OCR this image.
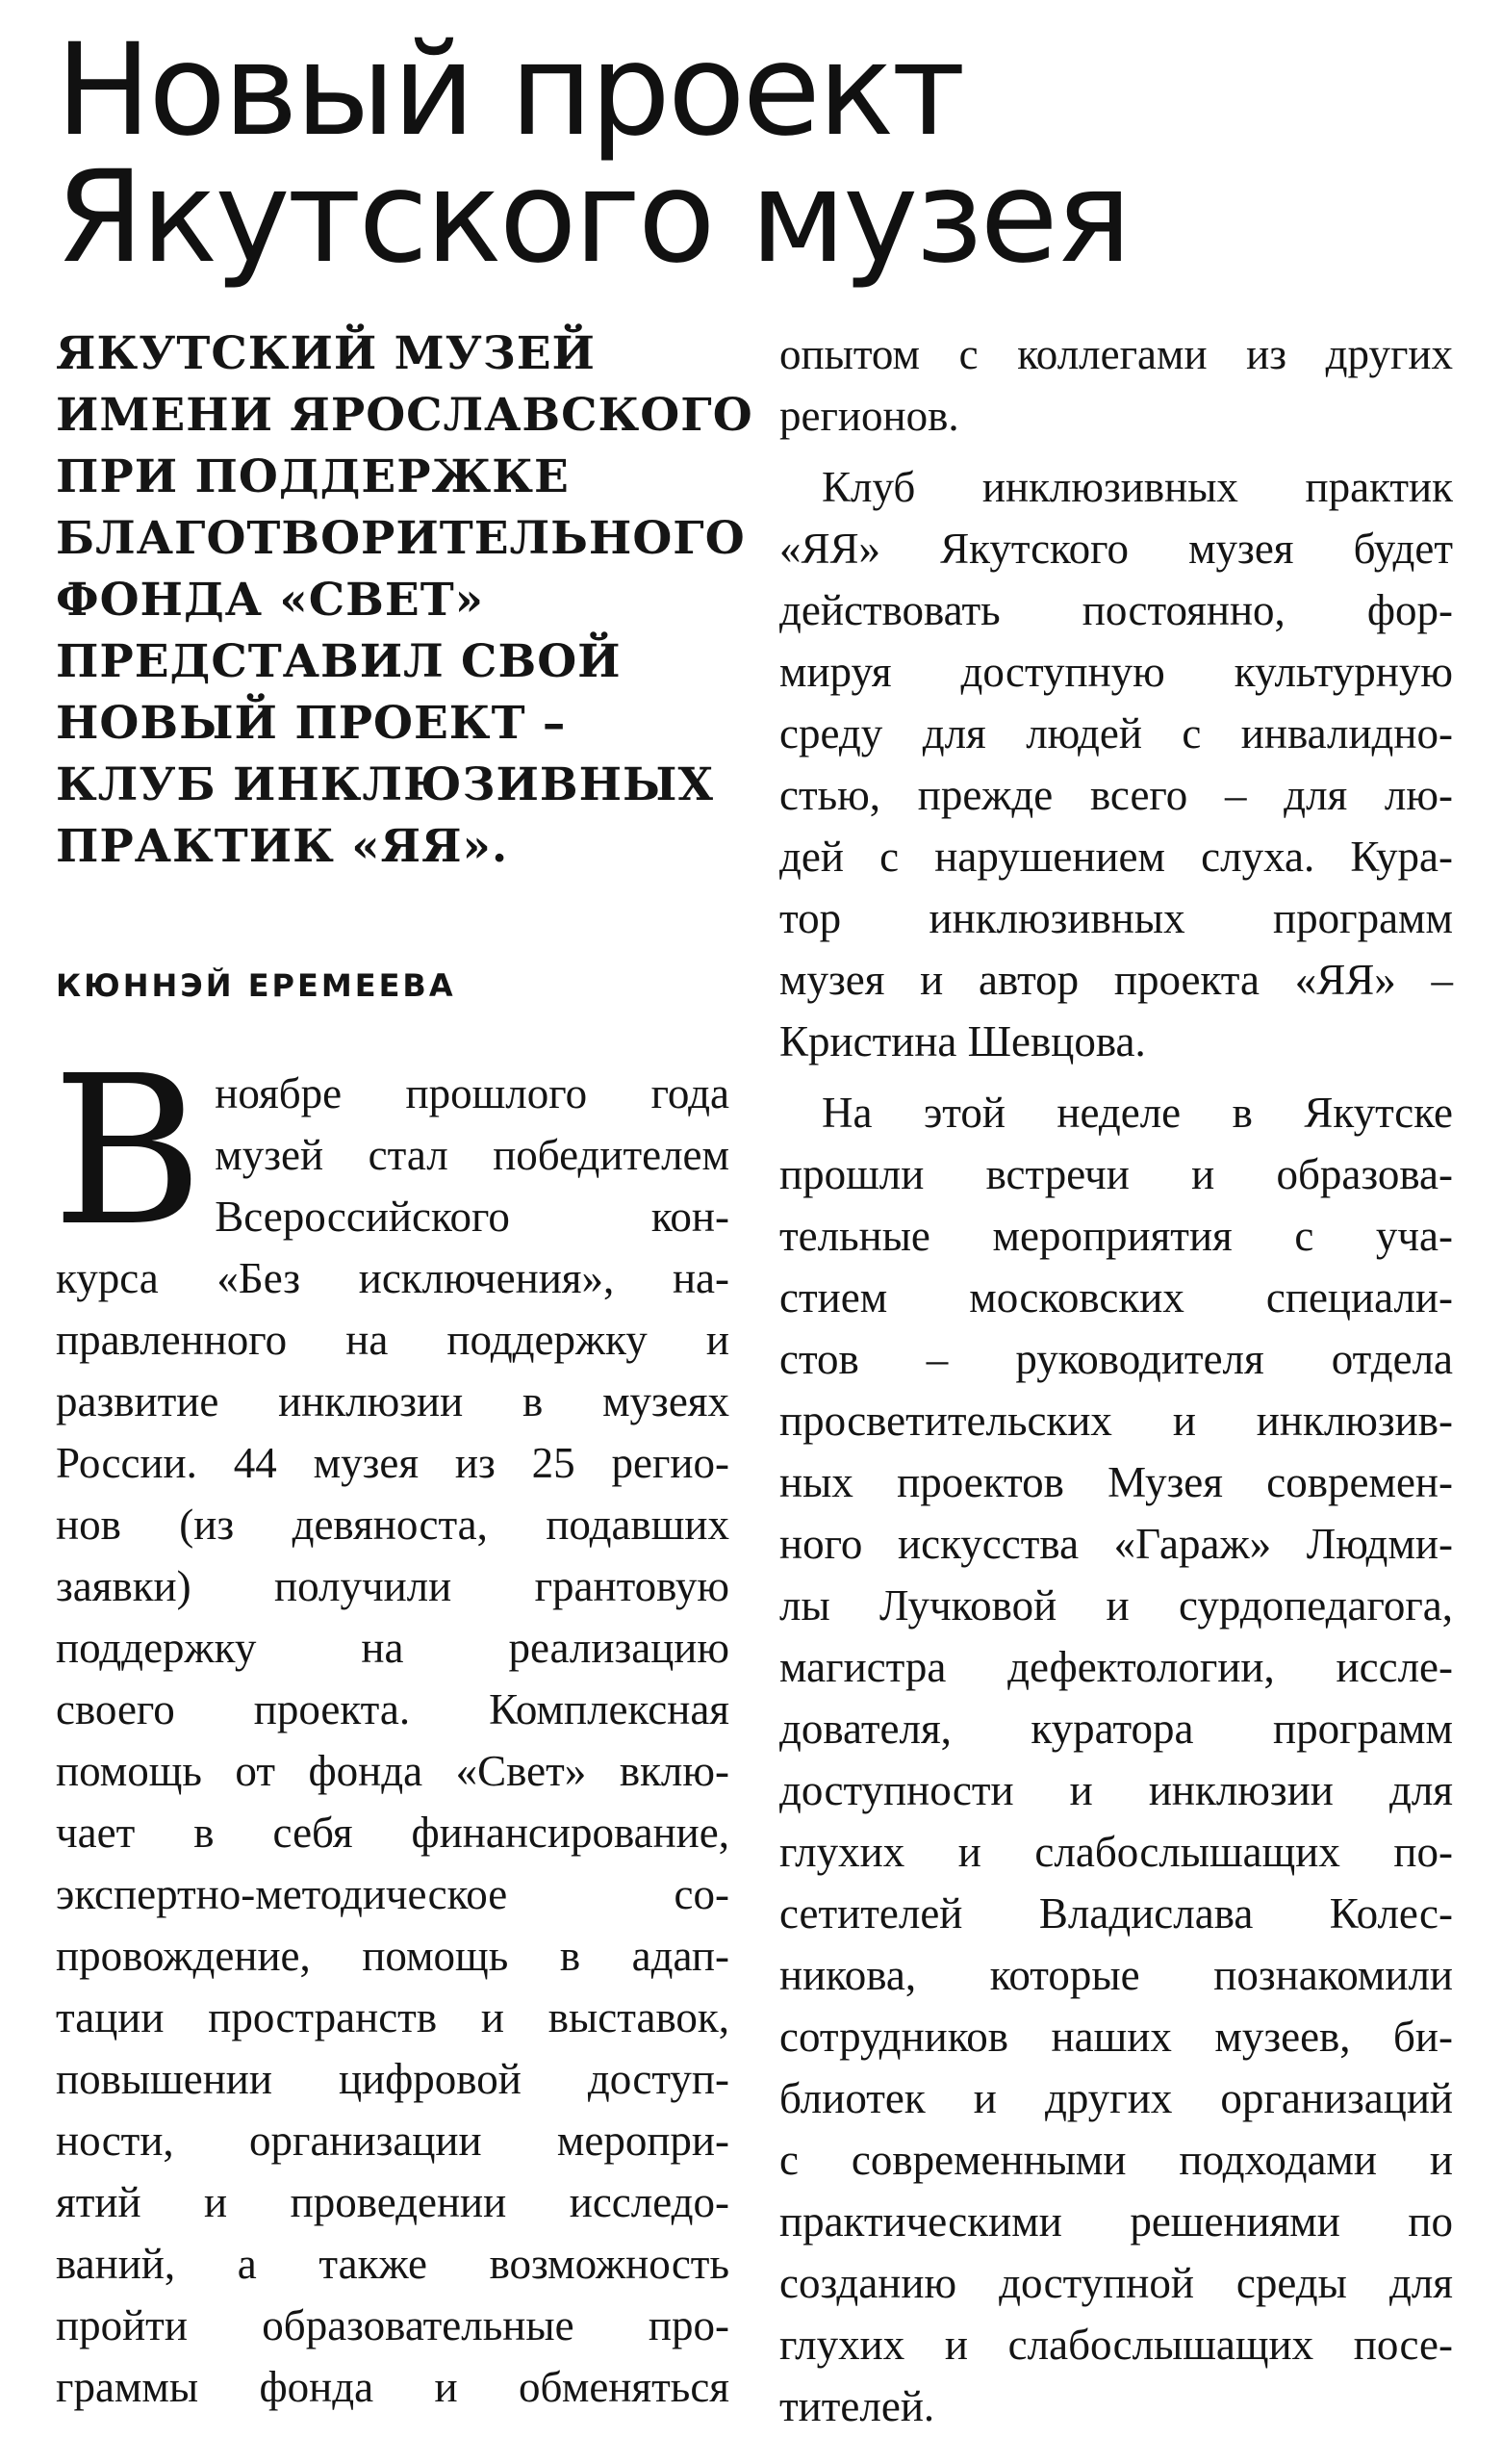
Новый проект
Якутского музея
ЯКУТСКИЙ МУЗЕЙ
ИМЕНИ ЯРОСЛАВСКОГО
ПРИ ПОДДЕРЖКЕ
БЛАГОТВОРИТЕЛЬНОГО
ФОНДА «СВЕТ»
ПРЕДСТАВИЛ СВОЙ
НОВЫЙ ПРОЕКТ –
КЛУБ ИНКЛЮЗИВНЫХ
ПРАКТИК «ЯЯ».
КЮННЭЙ ЕРЕМЕЕВА
В ноябре прошлого года
музей стал победителем
Всероссийского кон-
курса «Без исключения», на-
правленного на поддержку и
развитие инклюзии в музеях
России. 44 музея из 25 регио-
нов (из девяноста, подавших
заявки) получили грантовую
поддержку на реализацию
своего проекта. Комплексная
помощь от фонда «Свет» вклю-
чает в себя финансирование,
экспертно-методическое со-
провождение, помощь в адап-
тации пространств и выставок,
повышении цифровой доступ-
ности, организации меропри-
ятий и проведении исследо-
ваний, а также возможность
пройти образовательные про-
граммы фонда и обменяться
опытом с коллегами из других
регионов.
Клуб инклюзивных практик
«ЯЯ» Якутского музея будет
действовать постоянно, фор-
мируя доступную культурную
среду для людей с инвалидно-
стью, прежде всего – для лю-
дей с нарушением слуха. Кура-
тор инклюзивных программ
музея и автор проекта «ЯЯ» –
Кристина Шевцова.
На этой неделе в Якутске
прошли встречи и образова-
тельные мероприятия с уча-
стием московских специали-
стов – руководителя отдела
просветительских и инклюзив-
ных проектов Музея современ-
ного искусства «Гараж» Людми-
лы Лучковой и сурдопедагога,
магистра дефектологии, иссле-
дователя, куратора программ
доступности и инклюзии для
глухих и слабослышащих по-
сетителей Владислава Колес-
никова, которые познакомили
сотрудников наших музеев, би-
блиотек и других организаций
с современными подходами и
практическими решениями по
созданию доступной среды для
глухих и слабослышащих посе-
тителей.
